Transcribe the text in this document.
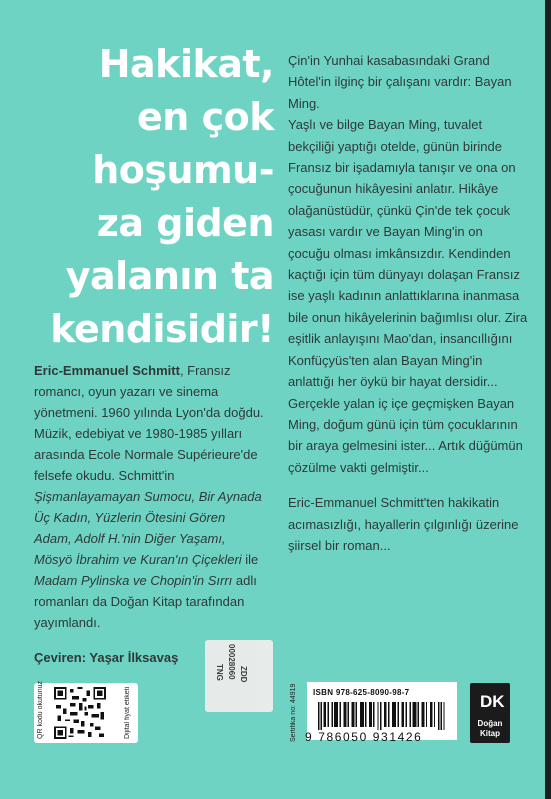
Hakikat,
en çok
hoşumu-
za giden
yalanın ta
kendisidir!
Eric-Emmanuel Schmitt, Fransız romancı, oyun yazarı ve sinema yönetmeni. 1960 yılında Lyon'da doğdu. Müzik, edebiyat ve 1980-1985 yılları arasında Ecole Normale Supérieure'de felsefe okudu. Schmitt'in Şişmanlayamayan Sumocu, Bir Aynada Üç Kadın, Yüzlerin Ötesini Gören Adam, Adolf H.'nin Diğer Yaşamı, Mösyö İbrahim ve Kuran'ın Çiçekleri ile Madam Pylinska ve Chopin'in Sırrı adlı romanları da Doğan Kitap tarafından yayımlandı.
Çeviren: Yaşar İlksavaş

Çin'in Yunhai kasabasındaki Grand Hôtel'in ilginç bir çalışanı vardır: Bayan Ming.

Yaşlı ve bilge Bayan Ming, tuvalet bekçiliği yaptığı otelde, günün birinde Fransız bir işadamıyla tanışır ve ona on çocuğunun hikâyesini anlatır. Hikâye olağanüstüdür, çünkü Çin'de tek çocuk yasası vardır ve Bayan Ming'in on çocuğu olması imkânsızdır. Kendinden kaçtığı için tüm dünyayı dolaşan Fransız ise yaşlı kadının anlattıklarına inanmasa bile onun hikâyelerinin bağımlısı olur. Zira eşitlik anlayışını Mao'dan, insancıllığını Konfüçyüs'ten alan Bayan Ming'in anlattığı her öykü bir hayat dersidir... Gerçekle yalan iç içe geçmişken Bayan Ming, doğum günü için tüm çocuklarının bir araya gelmesini ister... Artık düğümün çözülme vakti gelmiştir...

Eric-Emmanuel Schmitt'ten hakikatin acımasızlığı, hayallerin çılgınlığı üzerine şiirsel bir roman...

QR kodu okutunuz	Dijital fiyat etiketi
TNG 00028060 ZDD
Sertifika no: 44919 ISBN 978-625-8090-98-7
9 786050 931426
DK
Doğan
Kitap
